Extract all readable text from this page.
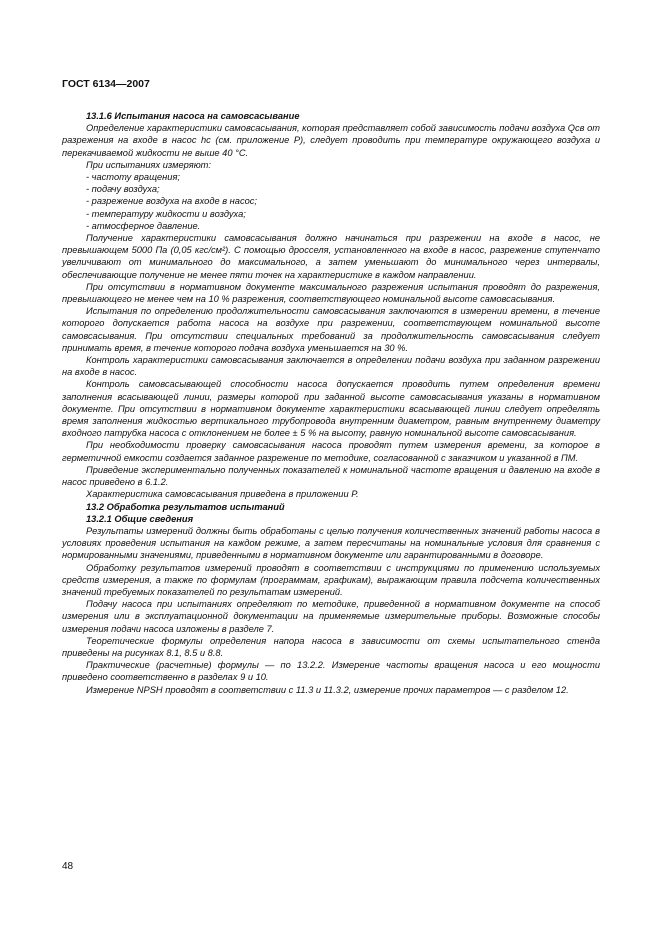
ГОСТ 6134—2007

13.1.6 Испытания насоса на самовсасывание

Определение характеристики самовсасывания, которая представляет собой зависимость подачи воздуха Qсв от разрежения на входе в насос hс (см. приложение Р), следует проводить при температуре окружающего воздуха и перекачиваемой жидкости не выше 40 °С.

При испытаниях измеряют:

- частоту вращения;

- подачу воздуха;

- разрежение воздуха на входе в насос;

- температуру жидкости и воздуха;

- атмосферное давление.

Получение характеристики самовсасывания должно начинаться при разрежении на входе в насос, не превышающем 5000 Па (0,05 кгс/см²). С помощью дросселя, установленного на входе в насос, разрежение ступенчато увеличивают от минимального до максимального, а затем уменьшают до минимального через интервалы, обеспечивающие получение не менее пяти точек на характеристике в каждом направлении.

При отсутствии в нормативном документе максимального разрежения испытания проводят до разрежения, превышающего не менее чем на 10 % разрежения, соответствующего номинальной высоте самовсасывания.

Испытания по определению продолжительности самовсасывания заключаются в измерении времени, в течение которого допускается работа насоса на воздухе при разрежении, соответствующем номинальной высоте самовсасывания. При отсутствии специальных требований за продолжительность самовсасывания следует принимать время, в течение которого подача воздуха уменьшается на 30 %.

Контроль характеристики самовсасывания заключается в определении подачи воздуха при заданном разрежении на входе в насос.

Контроль самовсасывающей способности насоса допускается проводить путем определения времени заполнения всасывающей линии, размеры которой при заданной высоте самовсасывания указаны в нормативном документе. При отсутствии в нормативном документе характеристики всасывающей линии следует определять время заполнения жидкостью вертикального трубопровода внутренним диаметром, равным внутреннему диаметру входного патрубка насоса с отклонением не более ± 5 % на высоту, равную номинальной высоте самовсасывания.

При необходимости проверку самовсасывания насоса проводят путем измерения времени, за которое в герметичной емкости создается заданное разрежение по методике, согласованной с заказчиком и указанной в ПМ.

Приведение экспериментально полученных показателей к номинальной частоте вращения и давлению на входе в насос приведено в 6.1.2.

Характеристика самовсасывания приведена в приложении Р.

13.2 Обработка результатов испытаний

13.2.1 Общие сведения

Результаты измерений должны быть обработаны с целью получения количественных значений работы насоса в условиях проведения испытания на каждом режиме, а затем пересчитаны на номинальные условия для сравнения с нормированными значениями, приведенными в нормативном документе или гарантированными в договоре.

Обработку результатов измерений проводят в соответствии с инструкциями по применению используемых средств измерения, а также по формулам (программам, графикам), выражающим правила подсчета количественных значений требуемых показателей по результатам измерений.

Подачу насоса при испытаниях определяют по методике, приведенной в нормативном документе на способ измерения или в эксплуатационной документации на применяемые измерительные приборы. Возможные способы измерения подачи насоса изложены в разделе 7.

Теоретические формулы определения напора насоса в зависимости от схемы испытательного стенда приведены на рисунках 8.1, 8.5 и 8.8.

Практические (расчетные) формулы — по 13.2.2. Измерение частоты вращения насоса и его мощности приведено соответственно в разделах 9 и 10.

Измерение NPSH проводят в соответствии с 11.3 и 11.3.2, измерение прочих параметров — с разделом 12.

48
